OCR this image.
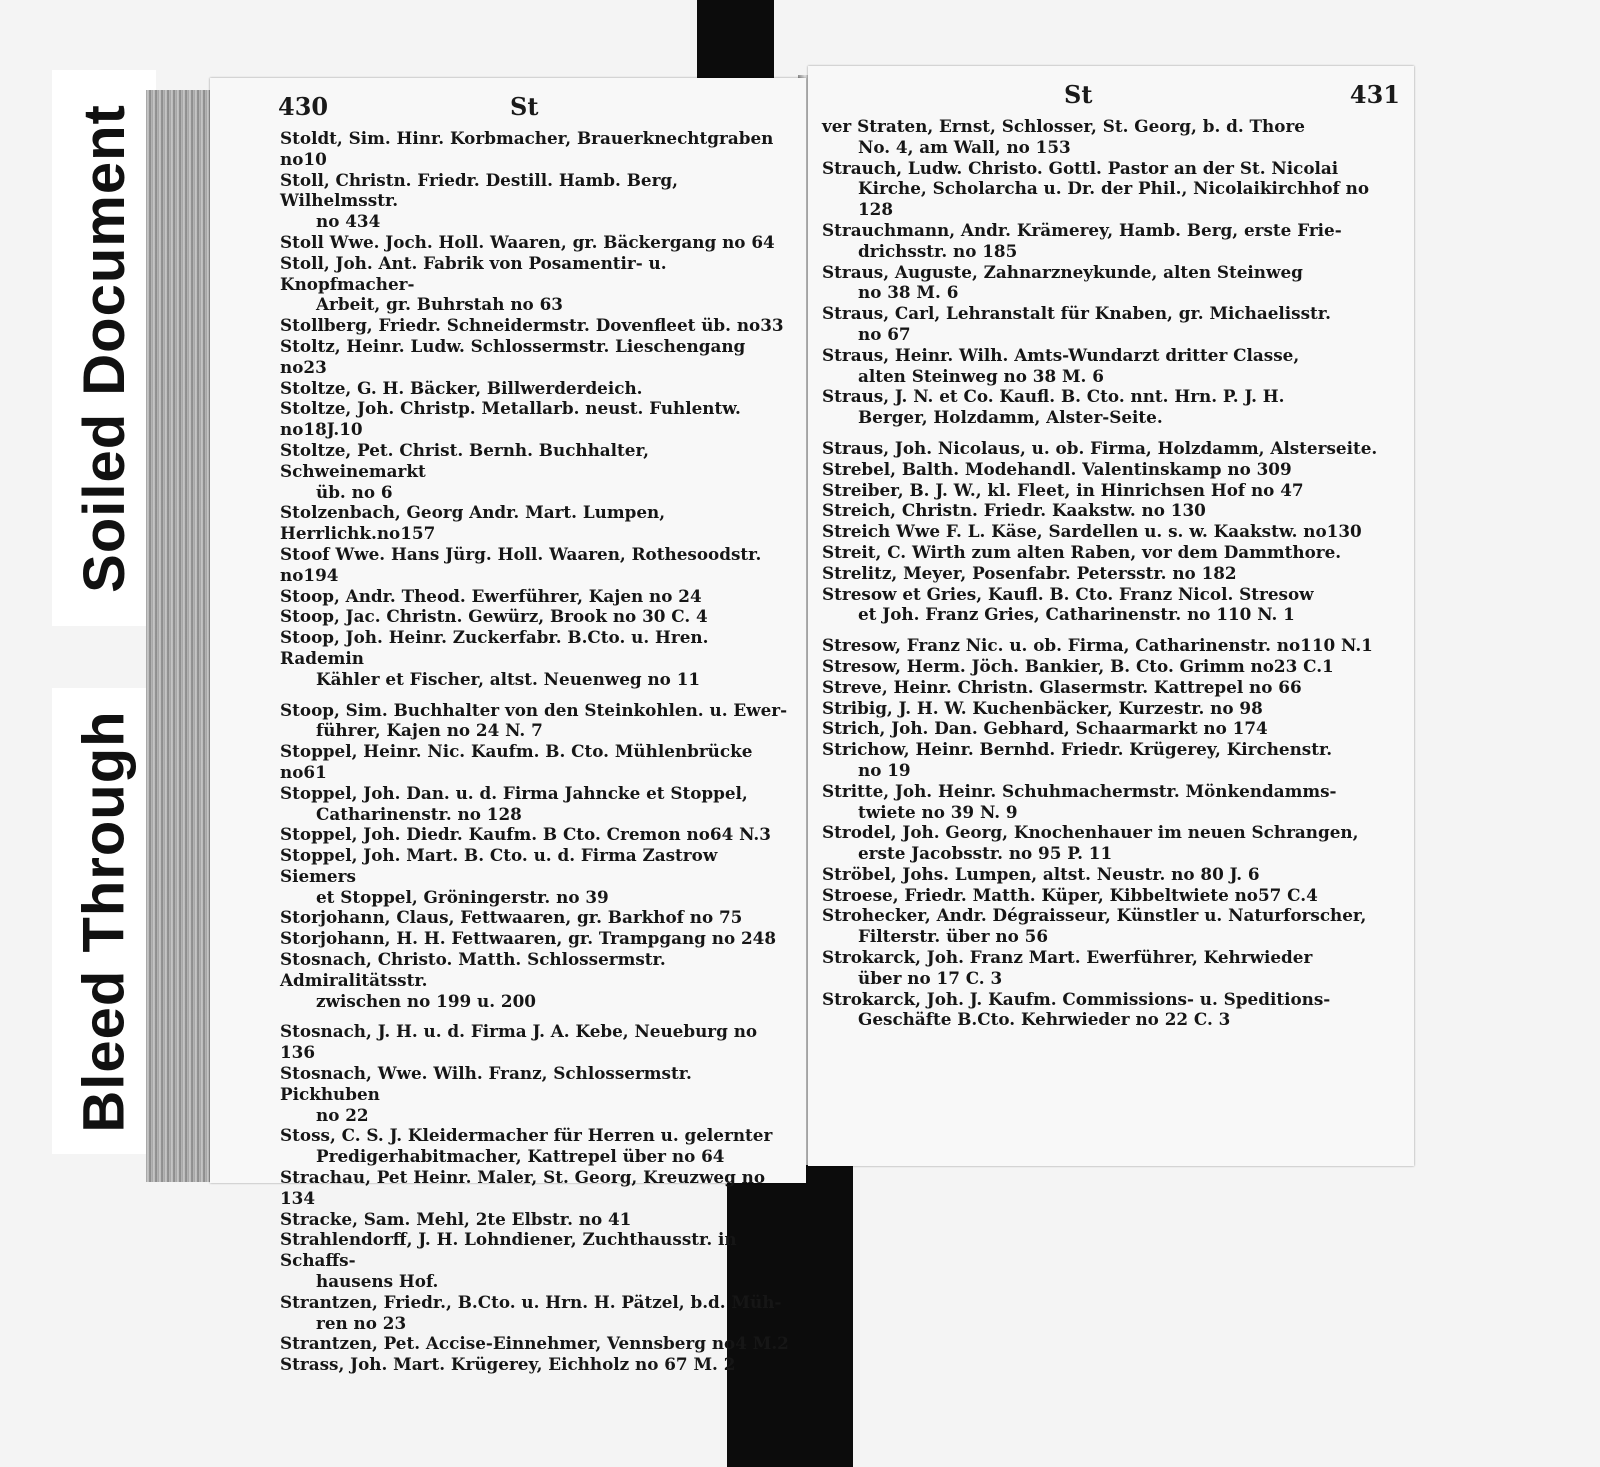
Soiled Document
Bleed Through
430	St
Stoldt, Sim. Hinr. Korbmacher, Brauerknechtgraben no10
Stoll, Christn. Friedr. Destill. Hamb. Berg, Wilhelmsstr.
no 434
Stoll Wwe. Joch. Holl. Waaren, gr. Bäckergang no 64
Stoll, Joh. Ant. Fabrik von Posamentir- u. Knopfmacher-
Arbeit, gr. Buhrstah no 63
Stollberg, Friedr. Schneidermstr. Dovenfleet üb. no33
Stoltz, Heinr. Ludw. Schlossermstr. Lieschengang no23
Stoltze, G. H. Bäcker, Billwerderdeich.
Stoltze, Joh. Christp. Metallarb. neust. Fuhlentw. no18J.10
Stoltze, Pet. Christ. Bernh. Buchhalter, Schweinemarkt
üb. no 6
Stolzenbach, Georg Andr. Mart. Lumpen, Herrlichk.no157
Stoof Wwe. Hans Jürg. Holl. Waaren, Rothesoodstr. no194
Stoop, Andr. Theod. Ewerführer, Kajen no 24
Stoop, Jac. Christn. Gewürz, Brook no 30 C. 4
Stoop, Joh. Heinr. Zuckerfabr. B.Cto. u. Hren. Rademin
Kähler et Fischer, altst. Neuenweg no 11
Stoop, Sim. Buchhalter von den Steinkohlen. u. Ewer-
führer, Kajen no 24 N. 7
Stoppel, Heinr. Nic. Kaufm. B. Cto. Mühlenbrücke no61
Stoppel, Joh. Dan. u. d. Firma Jahncke et Stoppel,
Catharinenstr. no 128
Stoppel, Joh. Diedr. Kaufm. B Cto. Cremon no64 N.3
Stoppel, Joh. Mart. B. Cto. u. d. Firma Zastrow Siemers
et Stoppel, Gröningerstr. no 39
Storjohann, Claus, Fettwaaren, gr. Barkhof no 75
Storjohann, H. H. Fettwaaren, gr. Trampgang no 248
Stosnach, Christo. Matth. Schlossermstr. Admiralitätsstr.
zwischen no 199 u. 200
Stosnach, J. H. u. d. Firma J. A. Kebe, Neueburg no 136
Stosnach, Wwe. Wilh. Franz, Schlossermstr. Pickhuben
no 22
Stoss, C. S. J. Kleidermacher für Herren u. gelernter
Predigerhabitmacher, Kattrepel über no 64
Strachau, Pet Heinr. Maler, St. Georg, Kreuzweg no 134
Stracke, Sam. Mehl, 2te Elbstr. no 41
Strahlendorff, J. H. Lohndiener, Zuchthausstr. in Schaffs-
hausens Hof.
Strantzen, Friedr., B.Cto. u. Hrn. H. Pätzel, b.d. Müh-
ren no 23
Strantzen, Pet. Accise-Einnehmer, Vennsberg no4 M.2
Strass, Joh. Mart. Krügerey, Eichholz no 67 M. 2
St	431
ver Straten, Ernst, Schlosser, St. Georg, b. d. Thore
No. 4, am Wall, no 153
Strauch, Ludw. Christo. Gottl. Pastor an der St. Nicolai
Kirche, Scholarcha u. Dr. der Phil., Nicolaikirchhof no 128
Strauchmann, Andr. Krämerey, Hamb. Berg, erste Frie-
drichsstr. no 185
Straus, Auguste, Zahnarzneykunde, alten Steinweg
no 38 M. 6
Straus, Carl, Lehranstalt für Knaben, gr. Michaelisstr.
no 67
Straus, Heinr. Wilh. Amts-Wundarzt dritter Classe,
alten Steinweg no 38 M. 6
Straus, J. N. et Co. Kaufl. B. Cto. nnt. Hrn. P. J. H.
Berger, Holzdamm, Alster-Seite.
Straus, Joh. Nicolaus, u. ob. Firma, Holzdamm, Alsterseite.
Strebel, Balth. Modehandl. Valentinskamp no 309
Streiber, B. J. W., kl. Fleet, in Hinrichsen Hof no 47
Streich, Christn. Friedr. Kaakstw. no 130
Streich Wwe F. L. Käse, Sardellen u. s. w. Kaakstw. no130
Streit, C. Wirth zum alten Raben, vor dem Dammthore.
Strelitz, Meyer, Posenfabr. Petersstr. no 182
Stresow et Gries, Kaufl. B. Cto. Franz Nicol. Stresow
et Joh. Franz Gries, Catharinenstr. no 110 N. 1
Stresow, Franz Nic. u. ob. Firma, Catharinenstr. no110 N.1
Stresow, Herm. Jöch. Bankier, B. Cto. Grimm no23 C.1
Streve, Heinr. Christn. Glasermstr. Kattrepel no 66
Stribig, J. H. W. Kuchenbäcker, Kurzestr. no 98
Strich, Joh. Dan. Gebhard, Schaarmarkt no 174
Strichow, Heinr. Bernhd. Friedr. Krügerey, Kirchenstr.
no 19
Stritte, Joh. Heinr. Schuhmachermstr. Mönkendamms-
twiete no 39 N. 9
Strodel, Joh. Georg, Knochenhauer im neuen Schrangen,
erste Jacobsstr. no 95 P. 11
Ströbel, Johs. Lumpen, altst. Neustr. no 80 J. 6
Stroese, Friedr. Matth. Küper, Kibbeltwiete no57 C.4
Strohecker, Andr. Dégraisseur, Künstler u. Naturforscher,
Filterstr. über no 56
Strokarck, Joh. Franz Mart. Ewerführer, Kehrwieder
über no 17 C. 3
Strokarck, Joh. J. Kaufm. Commissions- u. Speditions-
Geschäfte B.Cto. Kehrwieder no 22 C. 3
